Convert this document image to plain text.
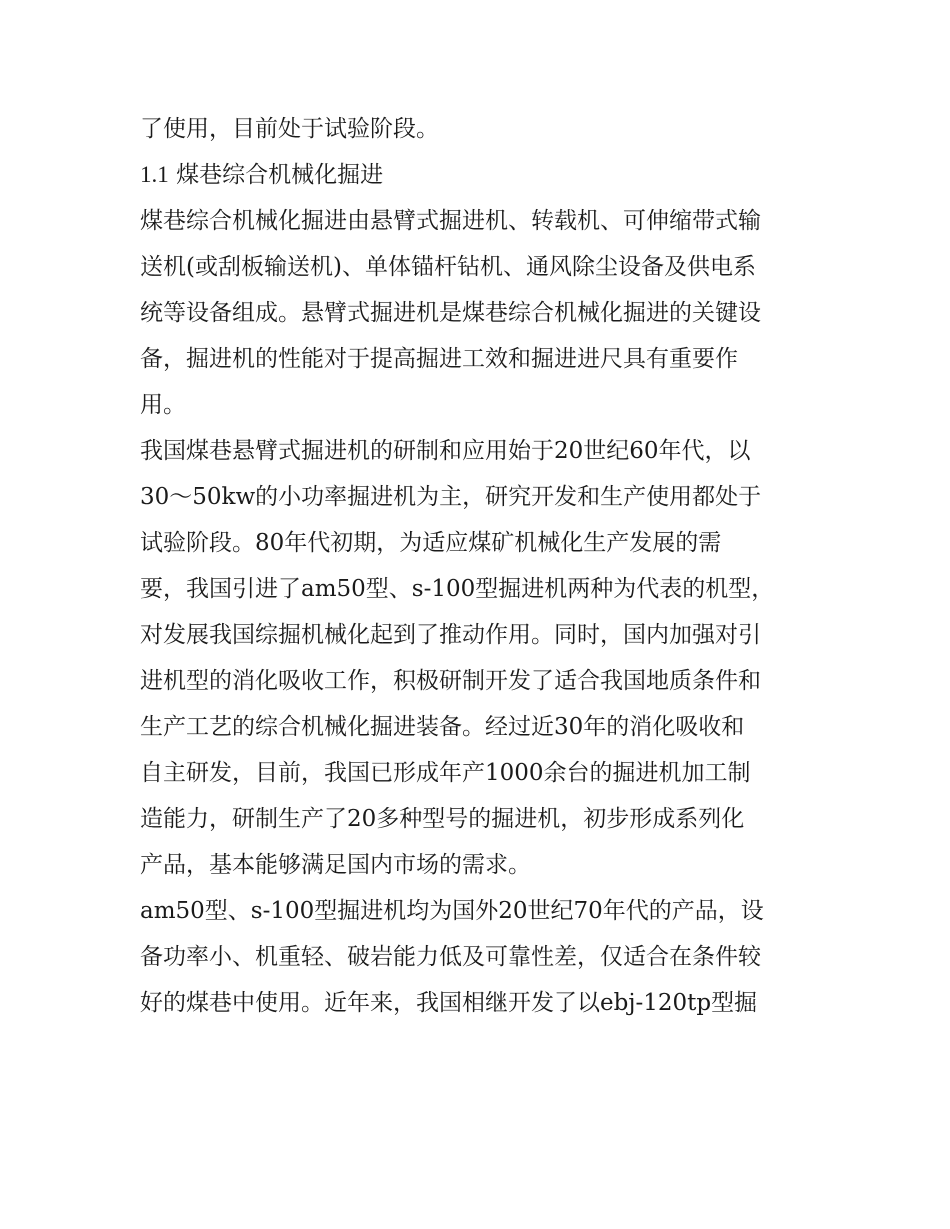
了使用，目前处于试验阶段。
1.1 煤巷综合机械化掘进
煤巷综合机械化掘进由悬臂式掘进机、转载机、可伸缩带式输
送机(或刮板输送机)、单体锚杆钻机、通风除尘设备及供电系
统等设备组成。悬臂式掘进机是煤巷综合机械化掘进的关键设
备，掘进机的性能对于提高掘进工效和掘进进尺具有重要作
用。
我国煤巷悬臂式掘进机的研制和应用始于20世纪60年代，以
30～50kw的小功率掘进机为主，研究开发和生产使用都处于
试验阶段。80年代初期，为适应煤矿机械化生产发展的需
要，我国引进了am50型、s-100型掘进机两种为代表的机型，
对发展我国综掘机械化起到了推动作用。同时，国内加强对引
进机型的消化吸收工作，积极研制开发了适合我国地质条件和
生产工艺的综合机械化掘进装备。经过近30年的消化吸收和
自主研发，目前，我国已形成年产1000余台的掘进机加工制
造能力，研制生产了20多种型号的掘进机，初步形成系列化
产品，基本能够满足国内市场的需求。
am50型、s-100型掘进机均为国外20世纪70年代的产品，设
备功率小、机重轻、破岩能力低及可靠性差，仅适合在条件较
好的煤巷中使用。近年来，我国相继开发了以ebj-120tp型掘
